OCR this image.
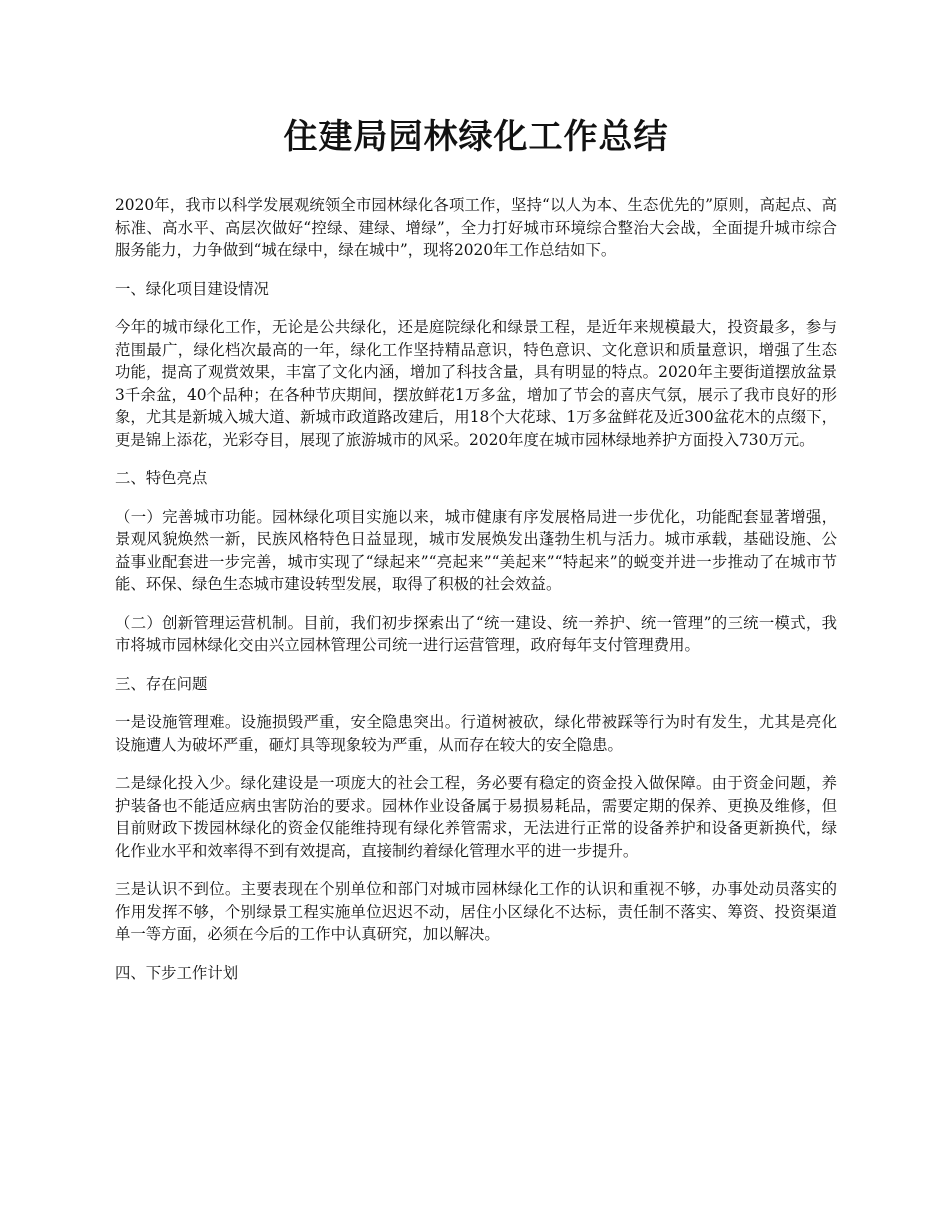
住建局园林绿化工作总结

2020年，我市以科学发展观统领全市园林绿化各项工作，坚持“以人为本、生态优先的”原则，高起点、高标准、高水平、高层次做好“控绿、建绿、增绿”，全力打好城市环境综合整治大会战，全面提升城市综合服务能力，力争做到“城在绿中，绿在城中”，现将2020年工作总结如下。

一、绿化项目建设情况

今年的城市绿化工作，无论是公共绿化，还是庭院绿化和绿景工程，是近年来规模最大，投资最多，参与范围最广，绿化档次最高的一年，绿化工作坚持精品意识，特色意识、文化意识和质量意识，增强了生态功能，提高了观赏效果，丰富了文化内涵，增加了科技含量，具有明显的特点。2020年主要街道摆放盆景3千余盆，40个品种；在各种节庆期间，摆放鲜花1万多盆，增加了节会的喜庆气氛，展示了我市良好的形象，尤其是新城入城大道、新城市政道路改建后，用18个大花球、1万多盆鲜花及近300盆花木的点缀下，更是锦上添花，光彩夺目，展现了旅游城市的风采。2020年度在城市园林绿地养护方面投入730万元。

二、特色亮点

（一）完善城市功能。园林绿化项目实施以来，城市健康有序发展格局进一步优化，功能配套显著增强，景观风貌焕然一新，民族风格特色日益显现，城市发展焕发出蓬勃生机与活力。城市承载，基础设施、公益事业配套进一步完善，城市实现了“绿起来”“亮起来”“美起来”“特起来”的蜕变并进一步推动了在城市节能、环保、绿色生态城市建设转型发展，取得了积极的社会效益。

（二）创新管理运营机制。目前，我们初步探索出了“统一建设、统一养护、统一管理”的三统一模式，我市将城市园林绿化交由兴立园林管理公司统一进行运营管理，政府每年支付管理费用。

三、存在问题

一是设施管理难。设施损毁严重，安全隐患突出。行道树被砍，绿化带被踩等行为时有发生，尤其是亮化设施遭人为破坏严重，砸灯具等现象较为严重，从而存在较大的安全隐患。

二是绿化投入少。绿化建设是一项庞大的社会工程，务必要有稳定的资金投入做保障。由于资金问题，养护装备也不能适应病虫害防治的要求。园林作业设备属于易损易耗品，需要定期的保养、更换及维修，但目前财政下拨园林绿化的资金仅能维持现有绿化养管需求，无法进行正常的设备养护和设备更新换代，绿化作业水平和效率得不到有效提高，直接制约着绿化管理水平的进一步提升。

三是认识不到位。主要表现在个别单位和部门对城市园林绿化工作的认识和重视不够，办事处动员落实的作用发挥不够，个别绿景工程实施单位迟迟不动，居住小区绿化不达标，责任制不落实、筹资、投资渠道单一等方面，必须在今后的工作中认真研究，加以解决。

四、下步工作计划
